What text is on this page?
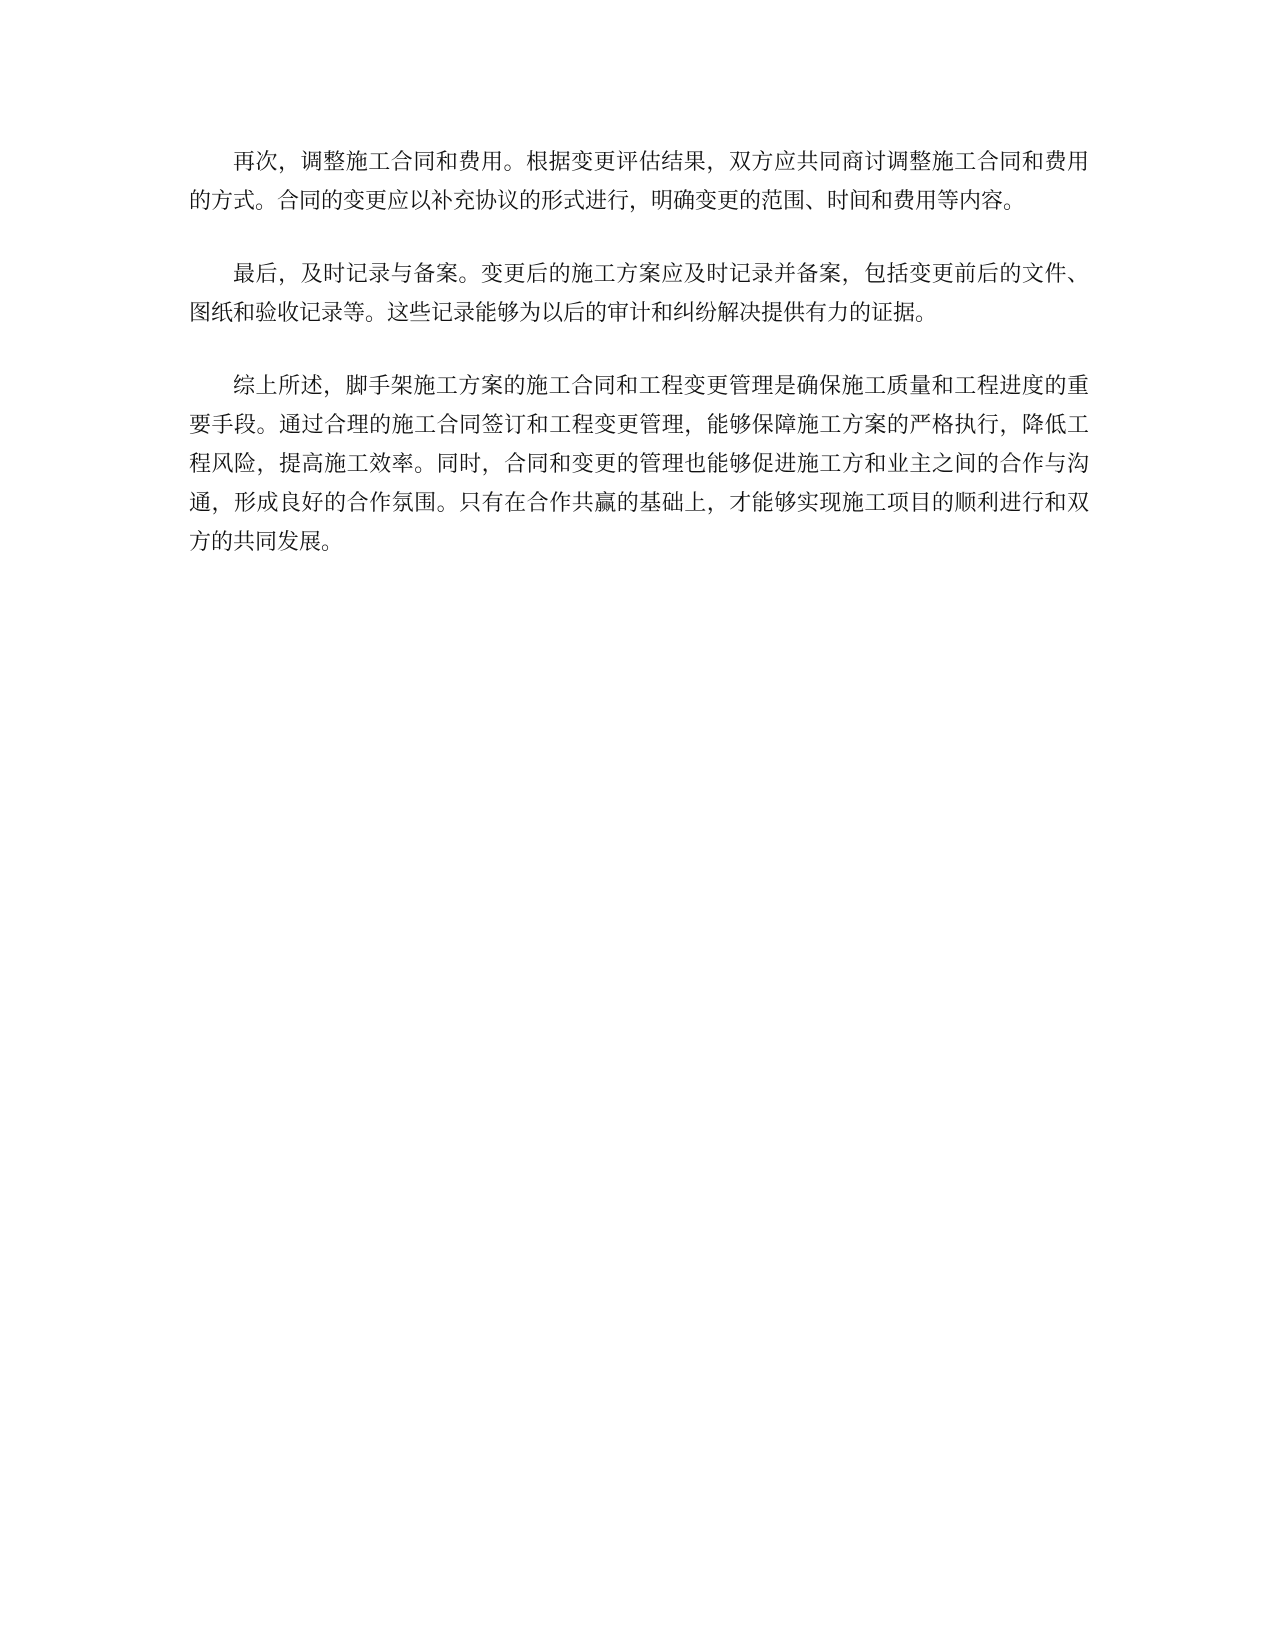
再次，调整施工合同和费用。根据变更评估结果，双方应共同商讨调整施工合同和费用的方式。合同的变更应以补充协议的形式进行，明确变更的范围、时间和费用等内容。

最后，及时记录与备案。变更后的施工方案应及时记录并备案，包括变更前后的文件、图纸和验收记录等。这些记录能够为以后的审计和纠纷解决提供有力的证据。

综上所述，脚手架施工方案的施工合同和工程变更管理是确保施工质量和工程进度的重要手段。通过合理的施工合同签订和工程变更管理，能够保障施工方案的严格执行，降低工程风险，提高施工效率。同时，合同和变更的管理也能够促进施工方和业主之间的合作与沟通，形成良好的合作氛围。只有在合作共赢的基础上，才能够实现施工项目的顺利进行和双方的共同发展。
